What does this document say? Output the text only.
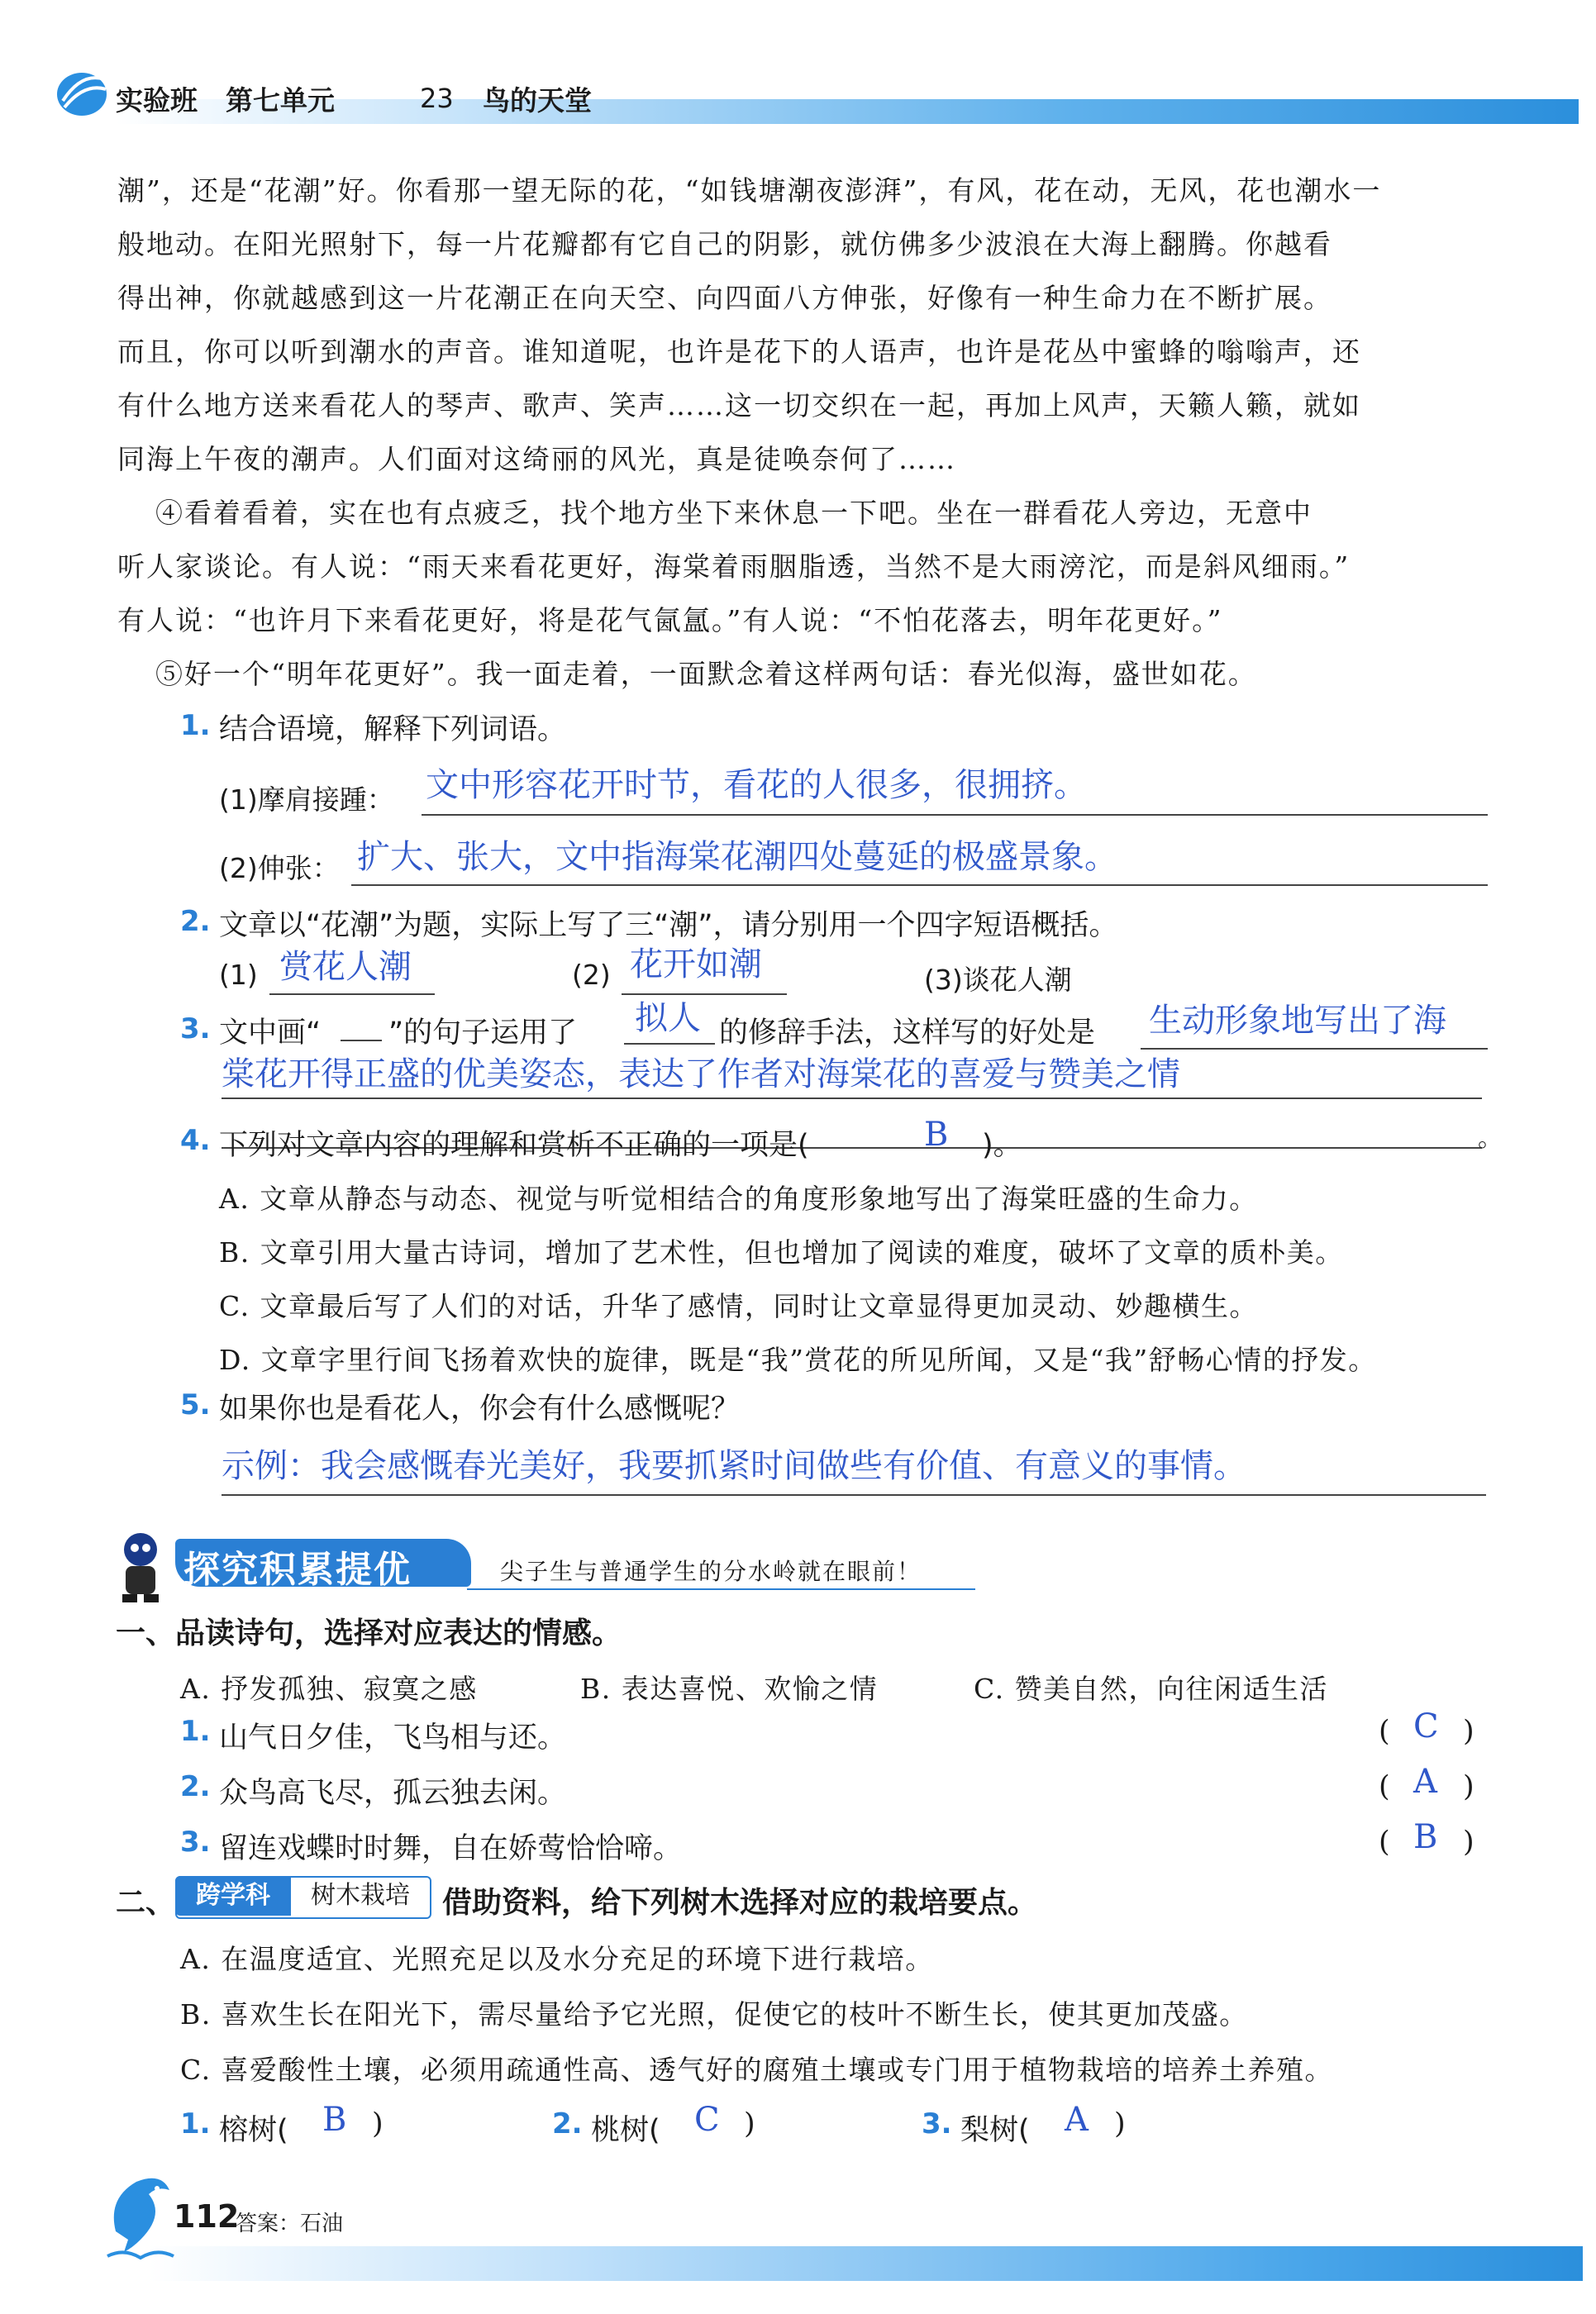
实验班 第七单元	23 鸟的天堂
潮”，还是“花潮”好。你看那一望无际的花，“如钱塘潮夜澎湃”，有风，花在动，无风，花也潮水一
般地动。在阳光照射下，每一片花瓣都有它自己的阴影，就仿佛多少波浪在大海上翻腾。你越看
得出神，你就越感到这一片花潮正在向天空、向四面八方伸张，好像有一种生命力在不断扩展。
而且，你可以听到潮水的声音。谁知道呢，也许是花下的人语声，也许是花丛中蜜蜂的嗡嗡声，还
有什么地方送来看花人的琴声、歌声、笑声……这一切交织在一起，再加上风声，天籁人籁，就如
同海上午夜的潮声。人们面对这绮丽的风光，真是徒唤奈何了……
④看着看着，实在也有点疲乏，找个地方坐下来休息一下吧。坐在一群看花人旁边，无意中
听人家谈论。有人说：“雨天来看花更好，海棠着雨胭脂透，当然不是大雨滂沱，而是斜风细雨。”
有人说：“也许月下来看花更好，将是花气氤氲。”有人说：“不怕花落去，明年花更好。”
⑤好一个“明年花更好”。我一面走着，一面默念着这样两句话：春光似海，盛世如花。
1. 结合语境，解释下列词语。
(1)摩肩接踵： 文中形容花开时节，看花的人很多，很拥挤。
(2)伸张： 扩大、张大，文中指海棠花潮四处蔓延的极盛景象。
2. 文章以“花潮”为题，实际上写了三“潮”，请分别用一个四字短语概括。
(1) 赏花人潮	(2) 花开如潮	(3)谈花人潮
3. 文中画“ ”的句子运用了 拟人 的修辞手法，这样写的好处是 生动形象地写出了海
棠花开得正盛的优美姿态，表达了作者对海棠花的喜爱与赞美之情
。
4. 下列对文章内容的理解和赏析不正确的一项是(	B )。
A. 文章从静态与动态、视觉与听觉相结合的角度形象地写出了海棠旺盛的生命力。
B. 文章引用大量古诗词，增加了艺术性，但也增加了阅读的难度，破坏了文章的质朴美。
C. 文章最后写了人们的对话，升华了感情，同时让文章显得更加灵动、妙趣横生。
D. 文章字里行间飞扬着欢快的旋律，既是“我”赏花的所见所闻，又是“我”舒畅心情的抒发。
5. 如果你也是看花人，你会有什么感慨呢？
示例：我会感慨春光美好，我要抓紧时间做些有价值、有意义的事情。
探究积累提优	尖子生与普通学生的分水岭就在眼前！
一、品读诗句，选择对应表达的情感。
A. 抒发孤独、寂寞之感	B. 表达喜悦、欢愉之情	C. 赞美自然，向往闲适生活
1. 山气日夕佳，飞鸟相与还。	( C )
2. 众鸟高飞尽，孤云独去闲。	( A )
3. 留连戏蝶时时舞，自在娇莺恰恰啼。	( B )
二、 跨学科	树木栽培	借助资料，给下列树木选择对应的栽培要点。
A. 在温度适宜、光照充足以及水分充足的环境下进行栽培。
B. 喜欢生长在阳光下，需尽量给予它光照，促使它的枝叶不断生长，使其更加茂盛。
C. 喜爱酸性土壤，必须用疏通性高、透气好的腐殖土壤或专门用于植物栽培的培养土养殖。
1. 榕树( B )	2. 桃树( C )	3. 梨树( A )
112
答案：石油
